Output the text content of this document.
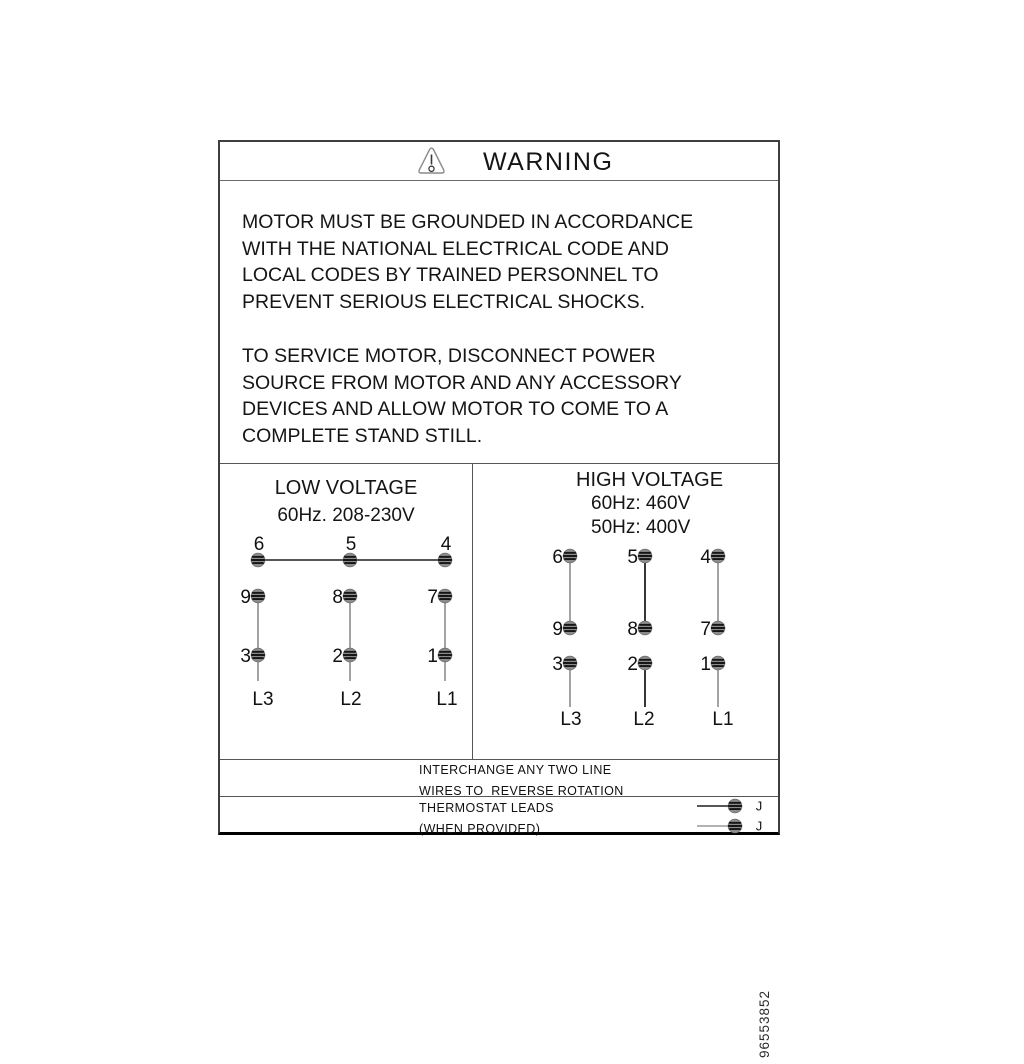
WARNING
MOTOR MUST BE GROUNDED IN ACCORDANCE
WITH THE NATIONAL ELECTRICAL CODE AND
LOCAL CODES BY TRAINED PERSONNEL TO
PREVENT SERIOUS ELECTRICAL SHOCKS.
TO SERVICE MOTOR, DISCONNECT POWER
SOURCE FROM MOTOR AND ANY ACCESSORY
DEVICES AND ALLOW MOTOR TO COME TO A
COMPLETE STAND STILL.
LOW VOLTAGE
60Hz. 208-230V
6
9
3
L3
5
8
2
L2
4
7
1
L1
HIGH VOLTAGE
60Hz: 460V
50Hz: 400V
6
9
3
L3
5
8
2
L2
4
7
1
L1
96553852
INTERCHANGE ANY TWO LINE
WIRES TO  REVERSE ROTATION
THERMOSTAT LEADS
(WHEN PROVIDED)
J
J
